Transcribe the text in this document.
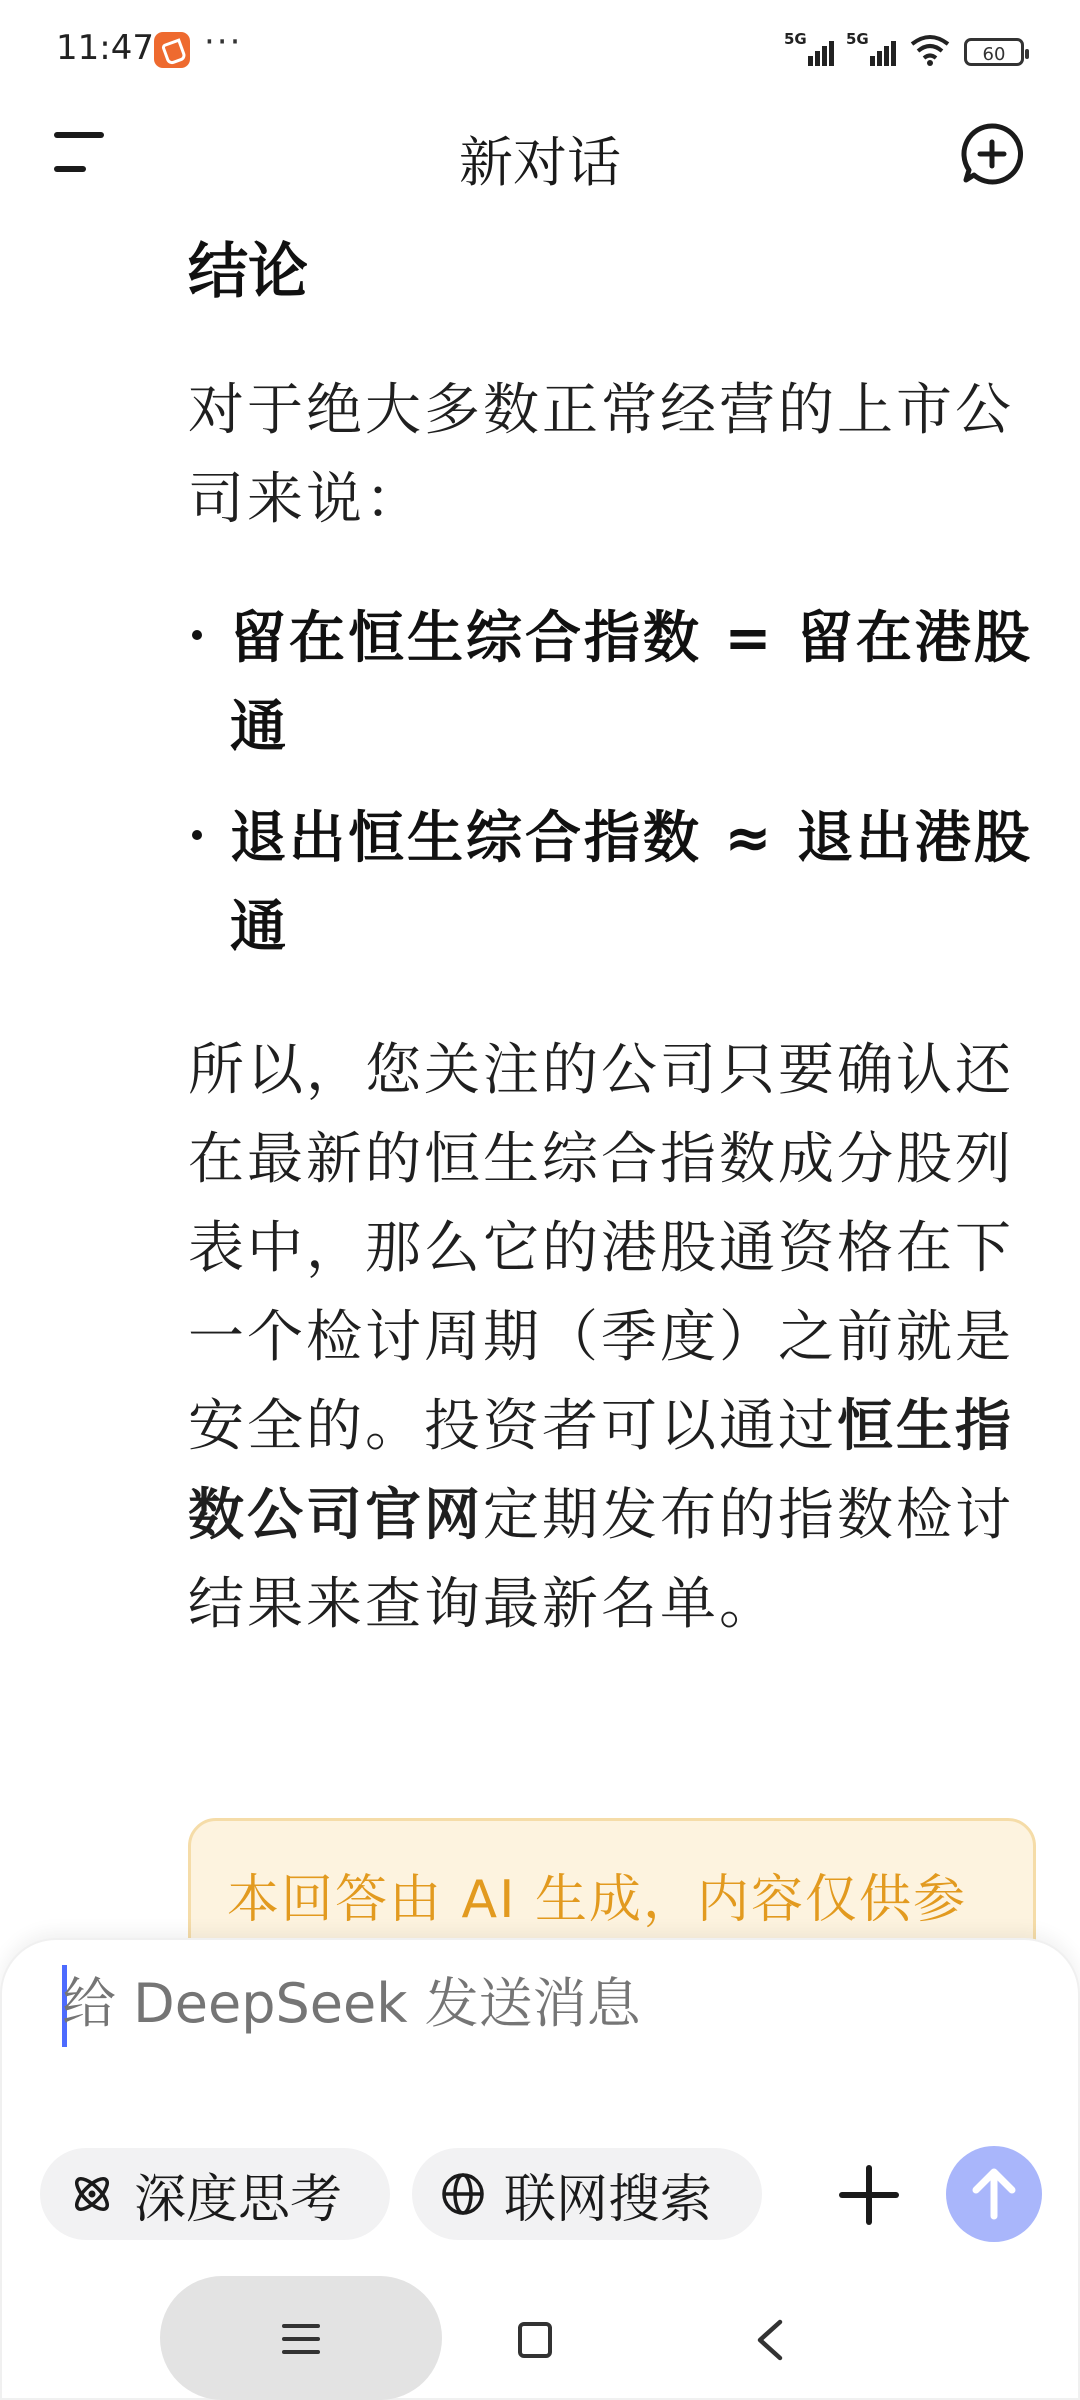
11:47 ···	5G	5G
60
新对话
结论

对于绝大多数正常经营的上市公司来说：

留在恒生综合指数 = 留在港股通
退出恒生综合指数 ≈ 退出港股通

所以，您关注的公司只要确认还在最新的恒生综合指数成分股列表中，那么它的港股通资格在下一个检讨周期（季度）之前就是安全的。投资者可以通过恒生指数公司官网定期发布的指数检讨结果来查询最新名单。

本回答由 AI 生成，内容仅供参
给 DeepSeek 发送消息
深度思考	联网搜索
